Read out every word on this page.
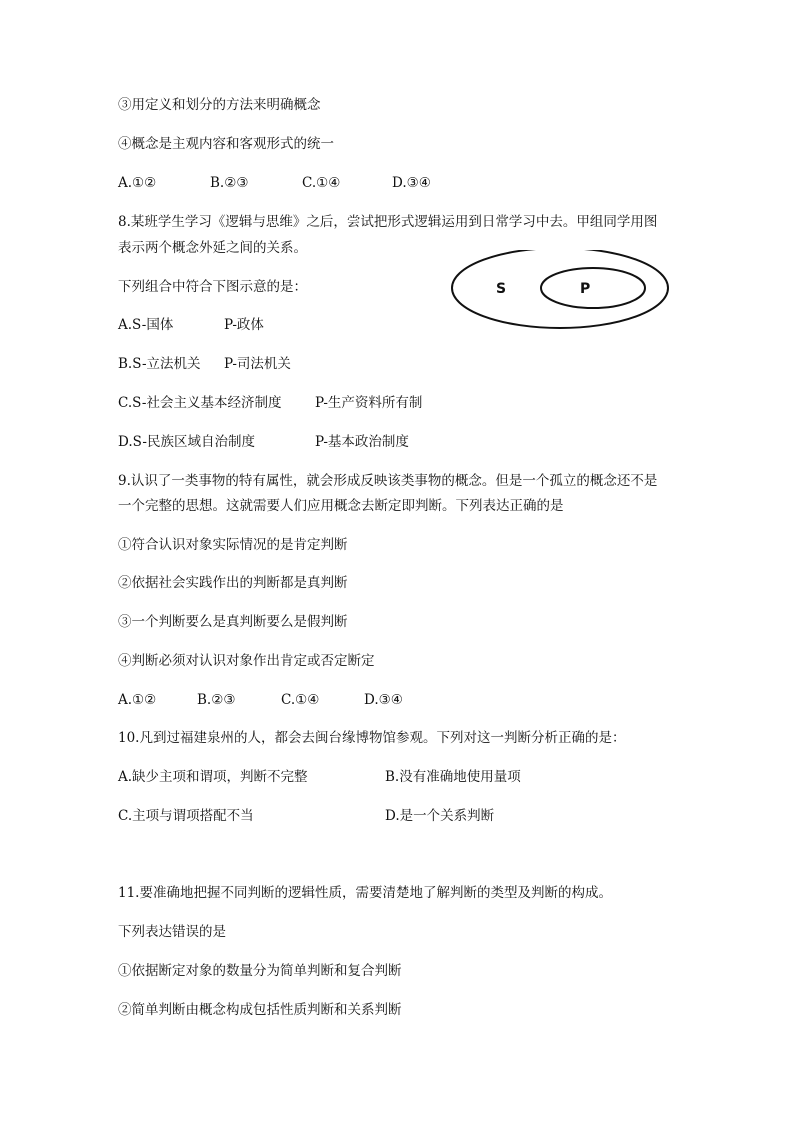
③用定义和划分的方法来明确概念
④概念是主观内容和客观形式的统一
A.①②	B.②③	C.①④	D.③④
8.某班学生学习《逻辑与思维》之后，尝试把形式逻辑运用到日常学习中去。甲组同学用图
表示两个概念外延之间的关系。
下列组合中符合下图示意的是：	S	P
A.S-国体	P-政体
B.S-立法机关 P-司法机关
C.S-社会主义基本经济制度 P-生产资料所有制
D.S-民族区域自治制度	P-基本政治制度
9.认识了一类事物的特有属性，就会形成反映该类事物的概念。但是一个孤立的概念还不是
一个完整的思想。这就需要人们应用概念去断定即判断。下列表达正确的是
①符合认识对象实际情况的是肯定判断
②依据社会实践作出的判断都是真判断
③一个判断要么是真判断要么是假判断
④判断必须对认识对象作出肯定或否定断定
A.①②	B.②③	C.①④	D.③④
10.凡到过福建泉州的人，都会去闽台缘博物馆参观。下列对这一判断分析正确的是：
A.缺少主项和谓项，判断不完整	B.没有准确地使用量项
C.主项与谓项搭配不当	D.是一个关系判断
11.要准确地把握不同判断的逻辑性质，需要清楚地了解判断的类型及判断的构成。
下列表达错误的是
①依据断定对象的数量分为简单判断和复合判断
②简单判断由概念构成包括性质判断和关系判断
